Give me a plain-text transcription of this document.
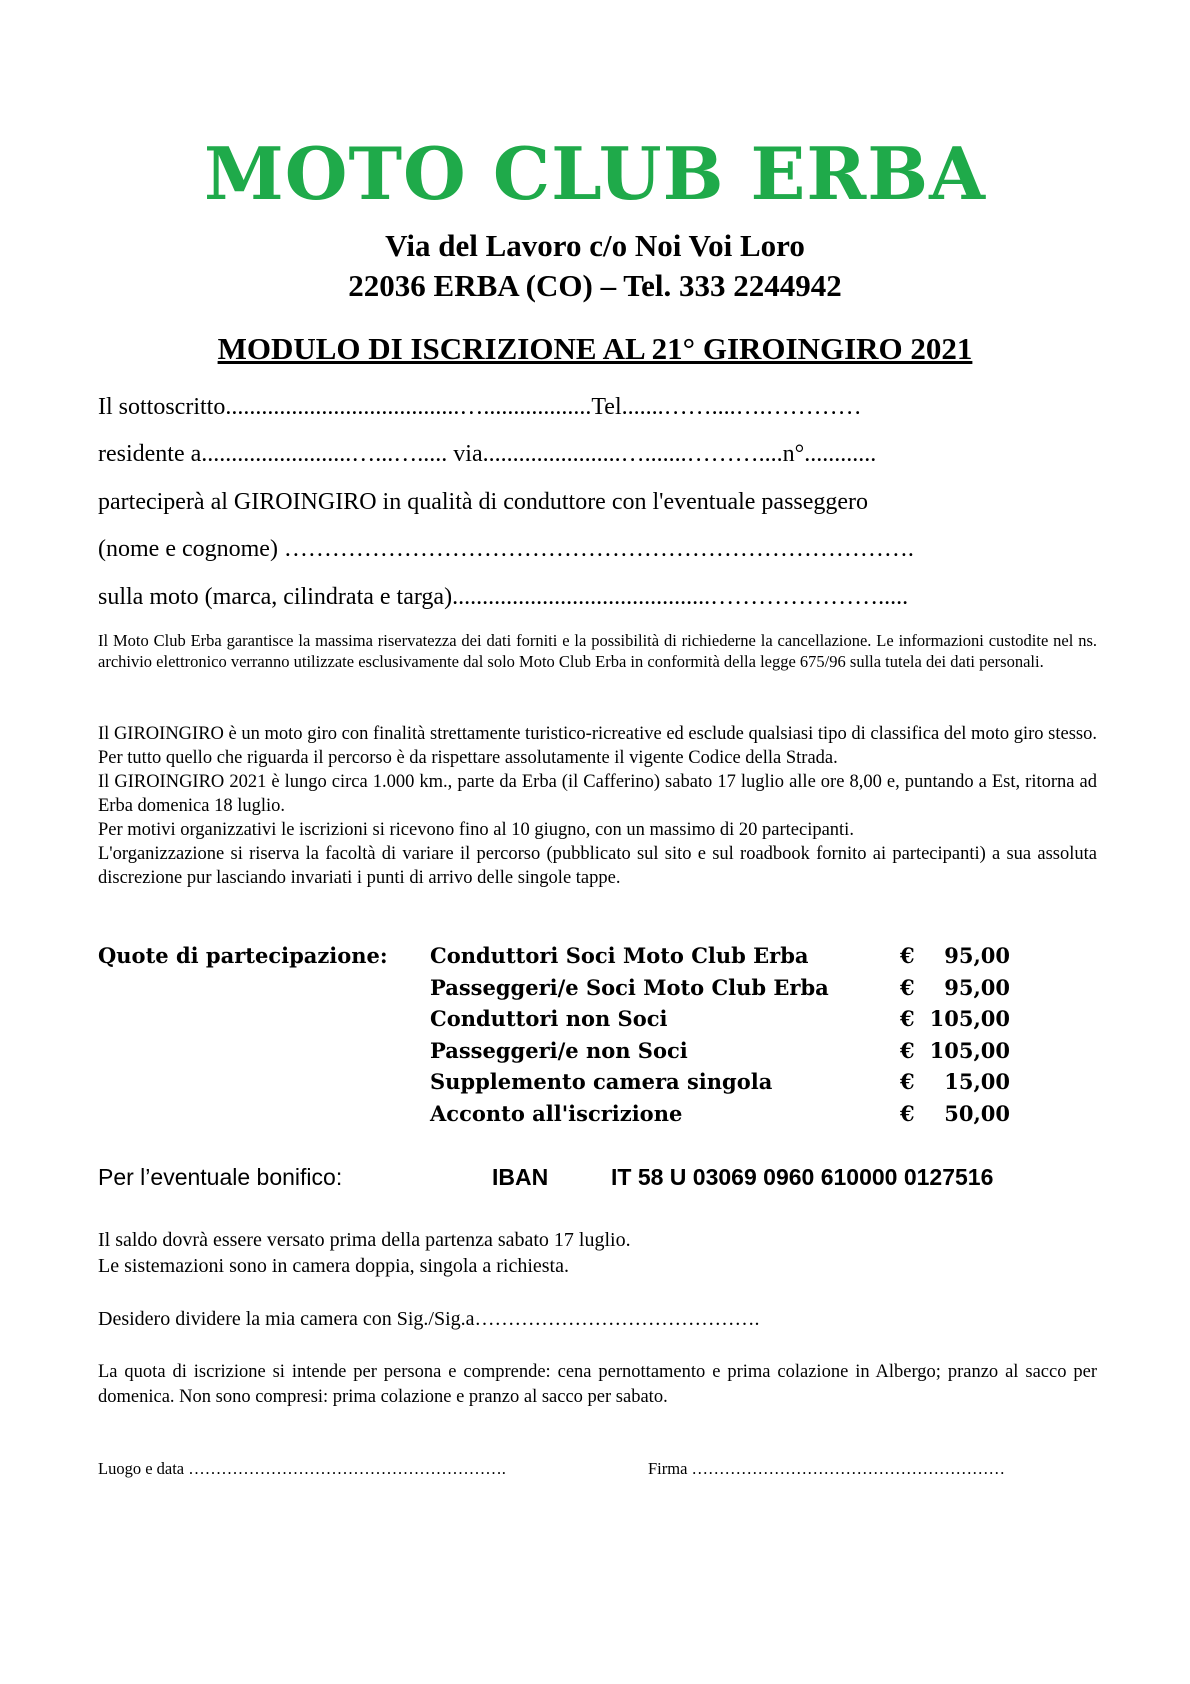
MOTO CLUB ERBA
Via del Lavoro c/o Noi Voi Loro
22036 ERBA (CO) – Tel. 333 2244942
MODULO DI ISCRIZIONE AL 21° GIROINGIRO 2021
Il sottoscritto.......................................…..................Tel.......……....….…………
residente a.........................…...…..... via.......................….......………....n°............
parteciperà al GIROINGIRO in qualità di conduttore con l'eventuale passeggero
(nome e cognome) …………………………………………………………………….
sulla moto (marca, cilindrata e targa)...........................................………………….....
Il Moto Club Erba garantisce la massima riservatezza dei dati forniti e la possibilità di richiederne la cancellazione. Le informazioni custodite nel ns. archivio elettronico verranno utilizzate esclusivamente dal solo Moto Club Erba in conformità della legge 675/96 sulla tutela dei dati personali.

Il GIROINGIRO è un moto giro con finalità strettamente turistico-ricreative ed esclude qualsiasi tipo di classifica del moto giro stesso. Per tutto quello che riguarda il percorso è da rispettare assolutamente il vigente Codice della Strada.

Il GIROINGIRO 2021 è lungo circa 1.000 km., parte da Erba (il Cafferino) sabato 17 luglio alle ore 8,00 e, puntando a Est, ritorna ad Erba domenica 18 luglio.

Per motivi organizzativi le iscrizioni si ricevono fino al 10 giugno, con un massimo di 20 partecipanti.

L'organizzazione si riserva la facoltà di variare il percorso (pubblicato sul sito e sul roadbook fornito ai partecipanti) a sua assoluta discrezione pur lasciando invariati i punti di arrivo delle singole tappe.

Quote di partecipazione: Conduttori Soci Moto Club Erba	€ 95,00
Passeggeri/e Soci Moto Club Erba	€ 95,00
Conduttori non Soci	€ 105,00
Passeggeri/e non Soci	€ 105,00
Supplemento camera singola	€ 15,00
Acconto all'iscrizione	€ 50,00
Per l’eventuale bonifico:	IBAN	IT 58 U 03069 0960 610000 0127516

Il saldo dovrà essere versato prima della partenza sabato 17 luglio.

Le sistemazioni sono in camera doppia, singola a richiesta.

Desidero dividere la mia camera con Sig./Sig.a…………………………………….
La quota di iscrizione si intende per persona e comprende: cena pernottamento e prima colazione in Albergo; pranzo al sacco per domenica. Non sono compresi: prima colazione e pranzo al sacco per sabato.
Luogo e data ………………………………………………….	Firma …………………………………………………
